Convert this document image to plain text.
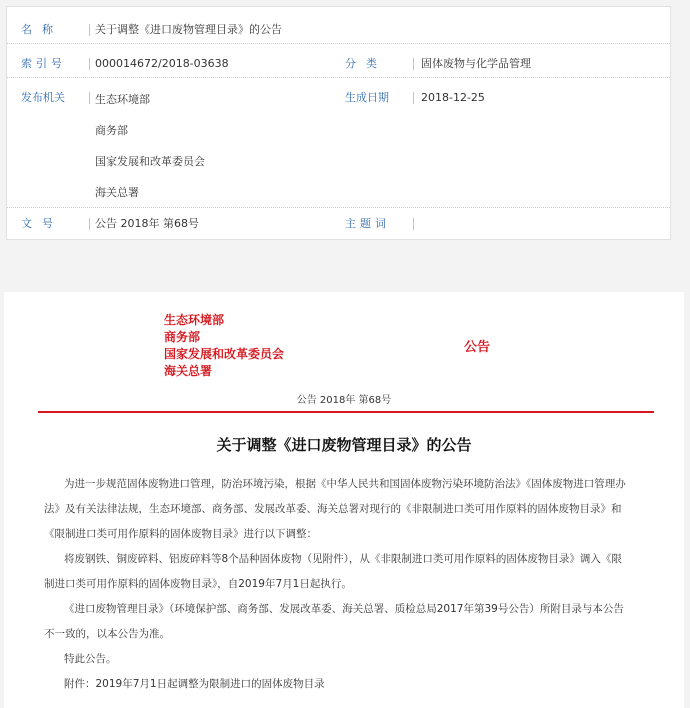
名称	关于调整《进口废物管理目录》的公告
索引号	000014672/2018-03638	分类	固体废物与化学品管理
发布机关	生态环境部
商务部
国家发展和改革委员会
海关总署
生成日期	2018-12-25
文号	公告 2018年 第68号	主题词
生态环境部
商务部
国家发展和改革委员会
海关总署
公告
公告 2018年 第68号
关于调整《进口废物管理目录》的公告

为进一步规范固体废物进口管理，防治环境污染，根据《中华人民共和国固体废物污染环境防治法》《固体废物进口管理办

法》及有关法律法规，生态环境部、商务部、发展改革委、海关总署对现行的《非限制进口类可用作原料的固体废物目录》和

《限制进口类可用作原料的固体废物目录》进行以下调整：

将废钢铁、铜废碎料、铝废碎料等8个品种固体废物（见附件），从《非限制进口类可用作原料的固体废物目录》调入《限

制进口类可用作原料的固体废物目录》，自2019年7月1日起执行。

《进口废物管理目录》（环境保护部、商务部、发展改革委、海关总署、质检总局2017年第39号公告）所附目录与本公告

不一致的，以本公告为准。

特此公告。

附件：2019年7月1日起调整为限制进口的固体废物目录
